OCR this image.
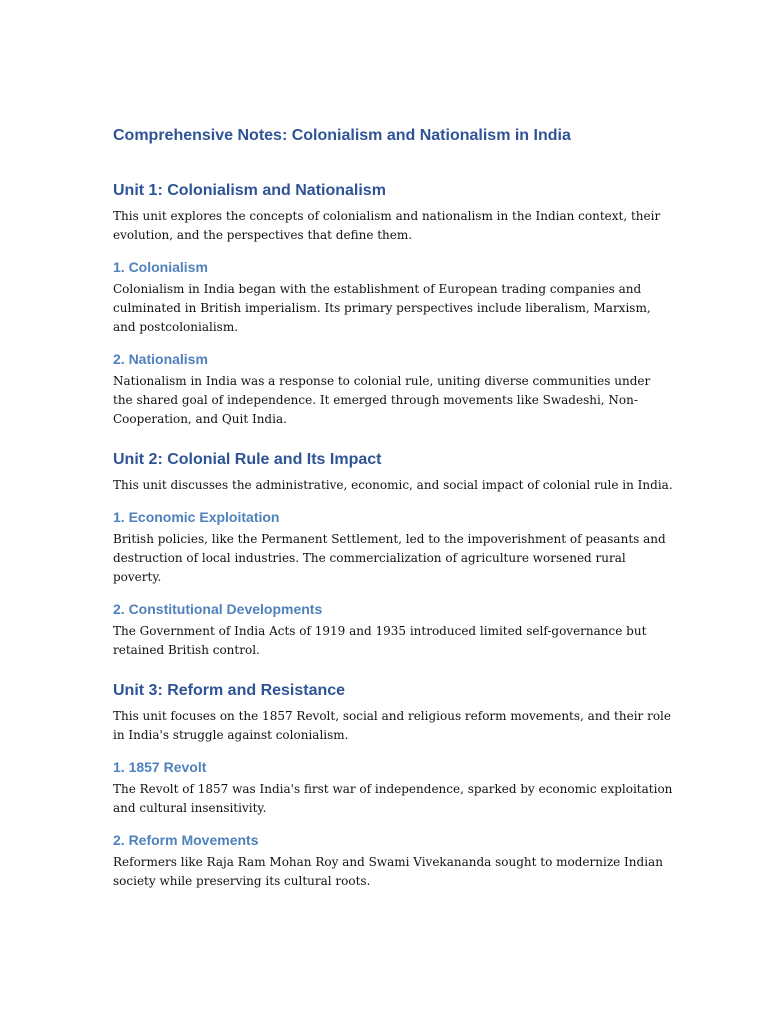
Comprehensive Notes: Colonialism and Nationalism in India
Unit 1: Colonialism and Nationalism

This unit explores the concepts of colonialism and nationalism in the Indian context, their evolution, and the perspectives that define them.

1. Colonialism

Colonialism in India began with the establishment of European trading companies and culminated in British imperialism. Its primary perspectives include liberalism, Marxism, and postcolonialism.

2. Nationalism

Nationalism in India was a response to colonial rule, uniting diverse communities under the shared goal of independence. It emerged through movements like Swadeshi, Non-Cooperation, and Quit India.

Unit 2: Colonial Rule and Its Impact

This unit discusses the administrative, economic, and social impact of colonial rule in India.

1. Economic Exploitation

British policies, like the Permanent Settlement, led to the impoverishment of peasants and destruction of local industries. The commercialization of agriculture worsened rural poverty.

2. Constitutional Developments

The Government of India Acts of 1919 and 1935 introduced limited self-governance but retained British control.

Unit 3: Reform and Resistance

This unit focuses on the 1857 Revolt, social and religious reform movements, and their role in India's struggle against colonialism.

1. 1857 Revolt

The Revolt of 1857 was India's first war of independence, sparked by economic exploitation and cultural insensitivity.

2. Reform Movements

Reformers like Raja Ram Mohan Roy and Swami Vivekananda sought to modernize Indian society while preserving its cultural roots.
